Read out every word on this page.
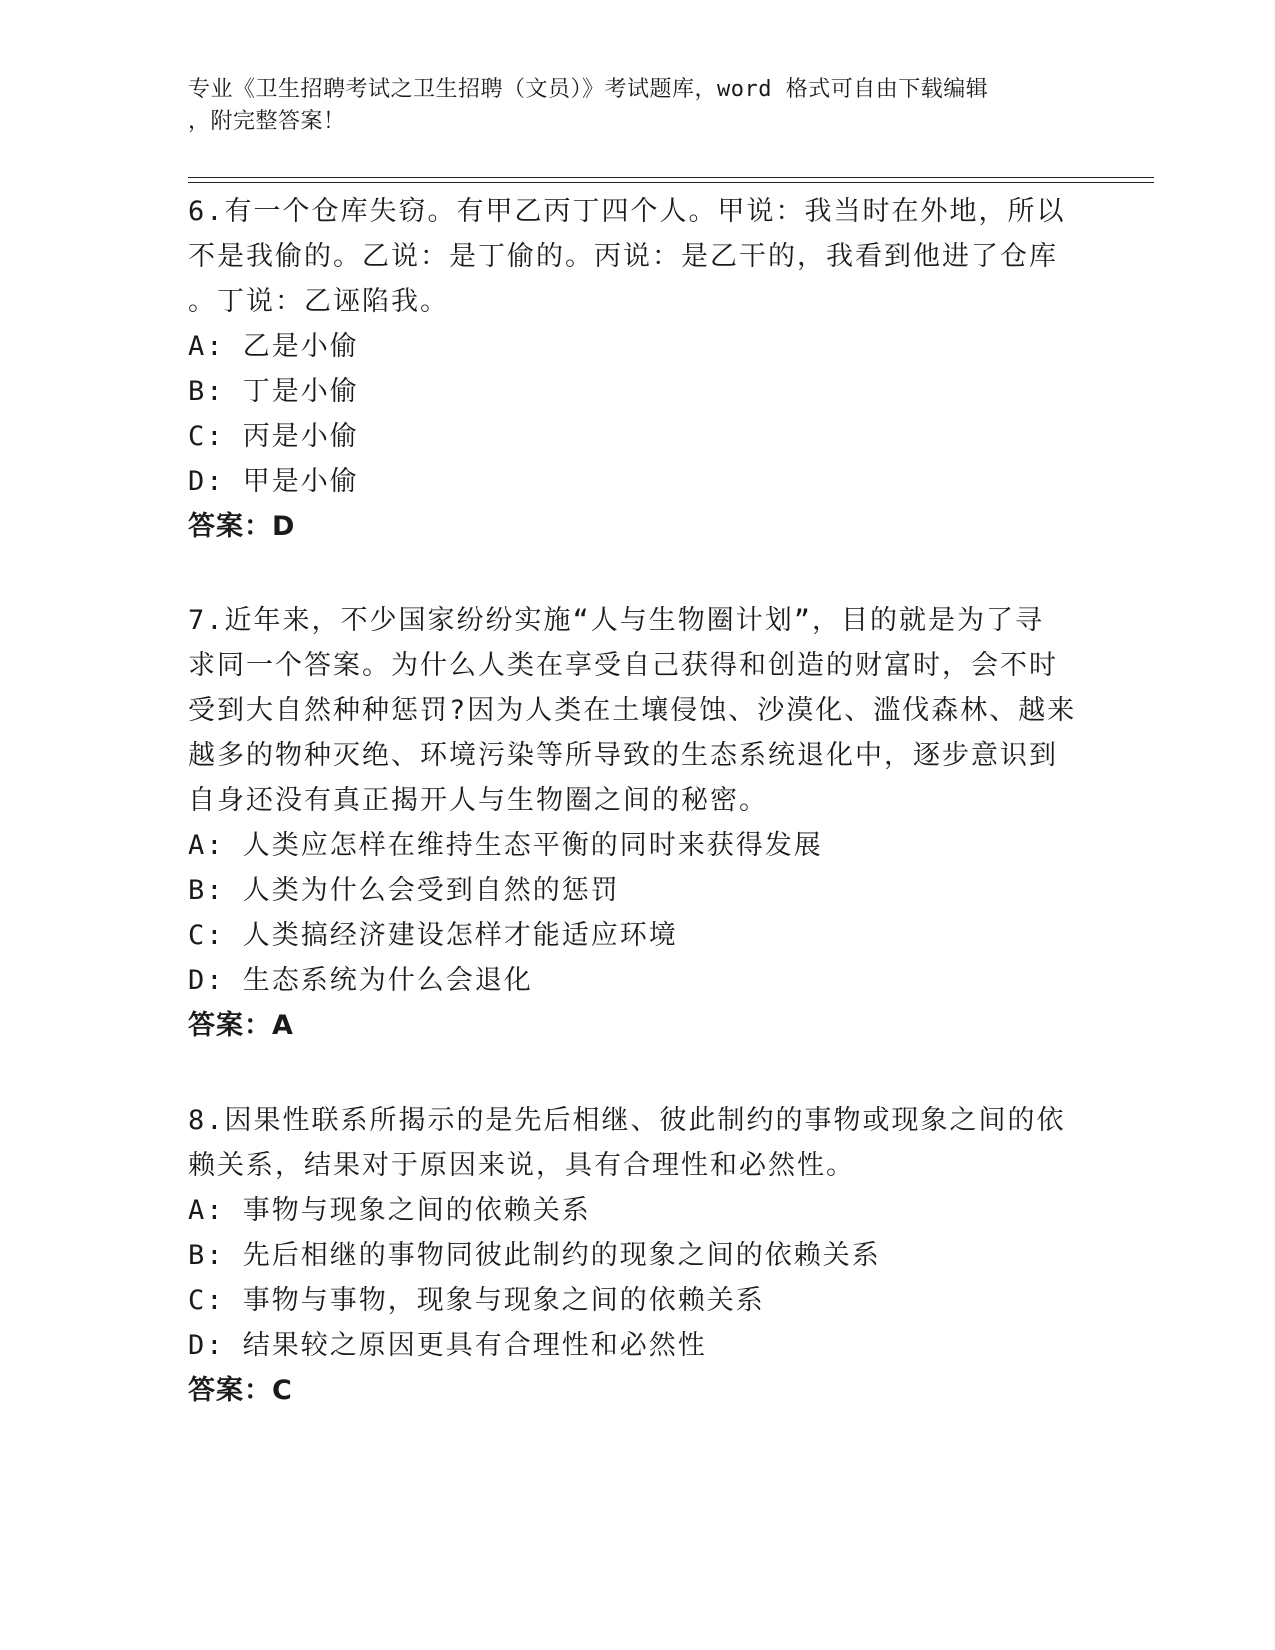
专业《卫生招聘考试之卫生招聘（文员）》考试题库，word 格式可自由下载编辑
，附完整答案！

6.有一个仓库失窃。有甲乙丙丁四个人。甲说：我当时在外地，所以

不是我偷的。乙说：是丁偷的。丙说：是乙干的，我看到他进了仓库

。丁说：乙诬陷我。

A: 乙是小偷

B: 丁是小偷

C: 丙是小偷

D: 甲是小偷

答案：D

7.近年来，不少国家纷纷实施“人与生物圈计划”，目的就是为了寻

求同一个答案。为什么人类在享受自己获得和创造的财富时，会不时

受到大自然种种惩罚?因为人类在土壤侵蚀、沙漠化、滥伐森林、越来

越多的物种灭绝、环境污染等所导致的生态系统退化中，逐步意识到

自身还没有真正揭开人与生物圈之间的秘密。

A: 人类应怎样在维持生态平衡的同时来获得发展

B: 人类为什么会受到自然的惩罚

C: 人类搞经济建设怎样才能适应环境

D: 生态系统为什么会退化

答案：A

8.因果性联系所揭示的是先后相继、彼此制约的事物或现象之间的依

赖关系，结果对于原因来说，具有合理性和必然性。

A: 事物与现象之间的依赖关系

B: 先后相继的事物同彼此制约的现象之间的依赖关系

C: 事物与事物，现象与现象之间的依赖关系

D: 结果较之原因更具有合理性和必然性

答案：C
